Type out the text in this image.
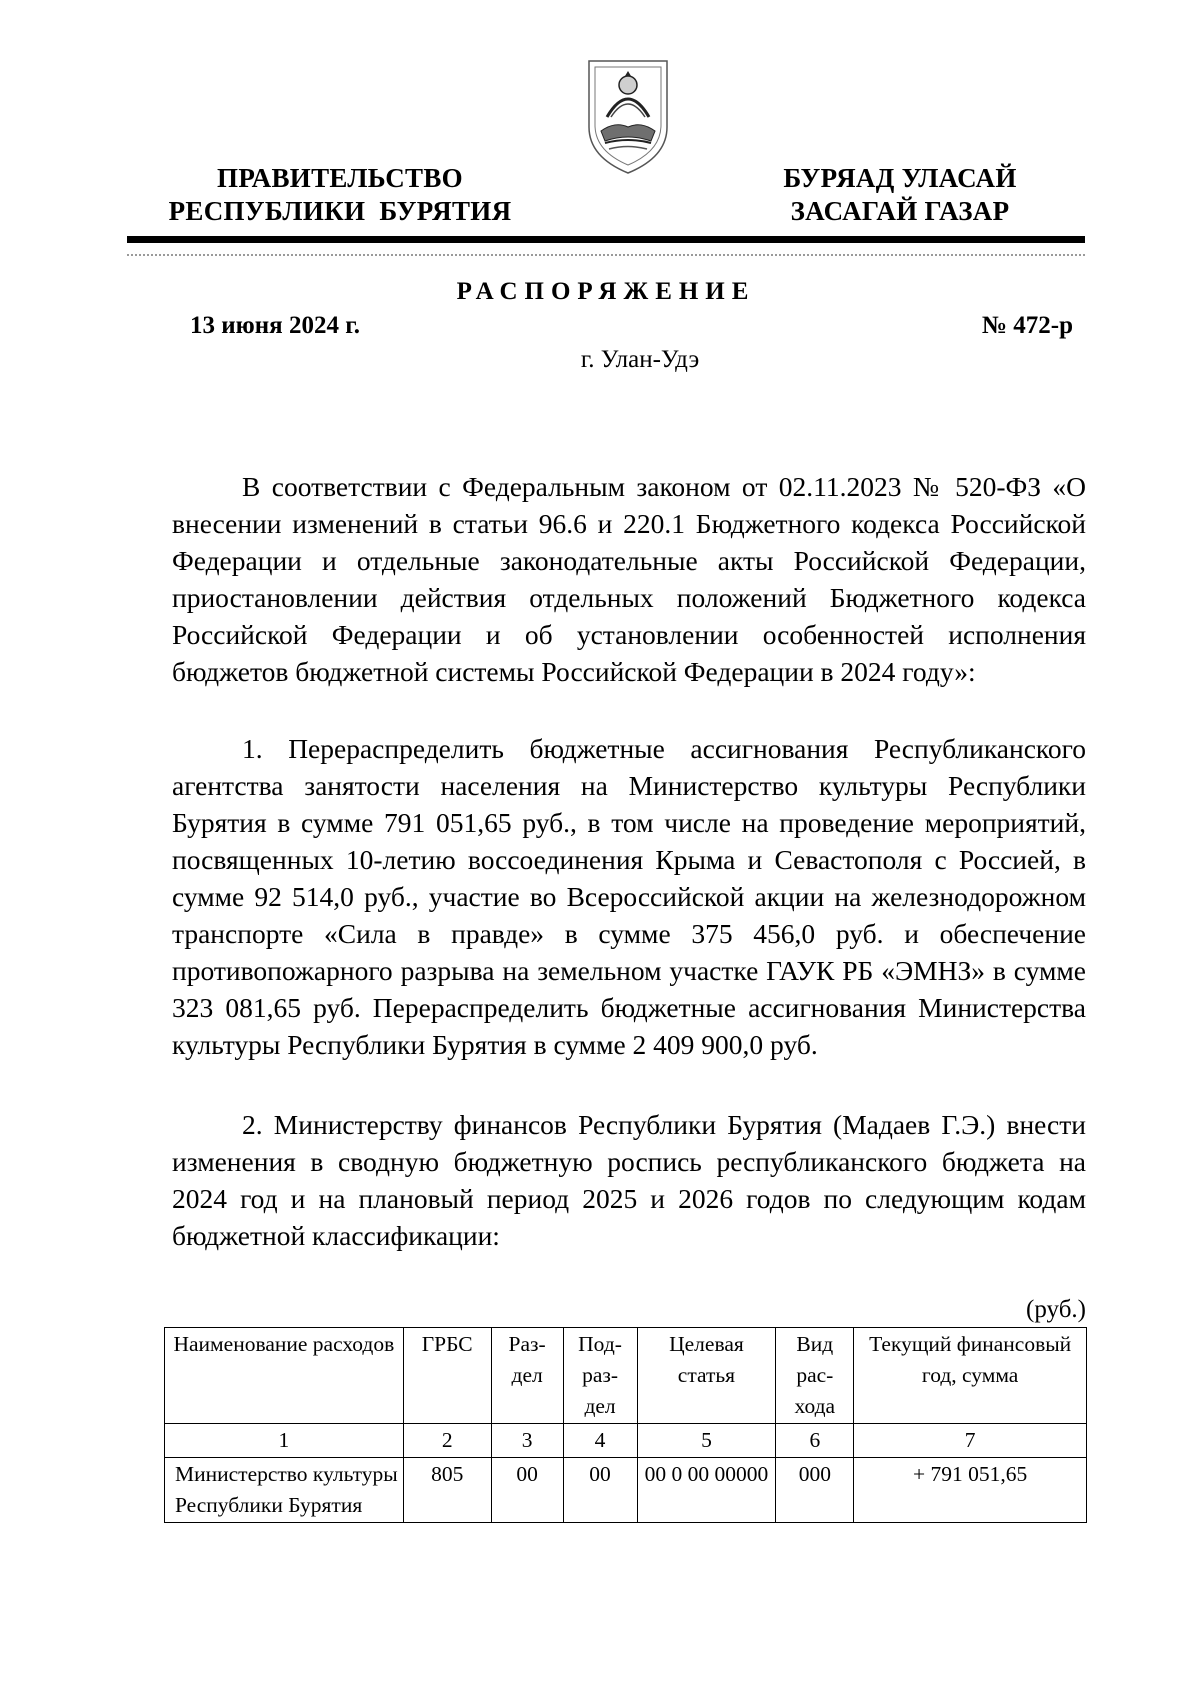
ПРАВИТЕЛЬСТВО
РЕСПУБЛИКИ  БУРЯТИЯ
БУРЯАД УЛАСАЙ
ЗАСАГАЙ ГАЗАР
РАСПОРЯЖЕНИЕ
13 июня 2024 г.	№ 472-р
г. Улан-Удэ

В соответствии с Федеральным законом от 02.11.2023 № 520-ФЗ «О внесении изменений в статьи 96.6 и 220.1 Бюджетного кодекса Российской Федерации и отдельные законодательные акты Российской Федерации, приостановлении действия отдельных положений Бюджетного кодекса Российской Федерации и об установлении особенностей исполнения бюджетов бюджетной системы Российской Федерации в 2024 году»:

1. Перераспределить бюджетные ассигнования Республиканского агентства занятости населения на Министерство культуры Республики Бурятия в сумме 791 051,65 руб., в том числе на проведение мероприятий, посвященных 10-летию воссоединения Крыма и Севастополя с Россией, в сумме 92 514,0 руб., участие во Всероссийской акции на железнодорожном транспорте «Сила в правде» в сумме 375 456,0 руб. и обеспечение противопожарного разрыва на земельном участке ГАУК РБ «ЭМНЗ» в сумме 323 081,65 руб. Перераспределить бюджетные ассигнования Министерства культуры Республики Бурятия в сумме 2 409 900,0 руб.

2. Министерству финансов Республики Бурятия (Мадаев Г.Э.) внести изменения в сводную бюджетную роспись республиканского бюджета на 2024 год и на плановый период 2025 и 2026 годов по следующим кодам бюджетной классификации:

(руб.)
Наименование расходов	ГРБС	Раз-дел	Под-раз-дел	Целевая статья	Вид рас-хода	Текущий финансовый год, сумма
1	2	3	4	5	6	7
Министерство культуры Республики Бурятия	805	00	00	00 0 00 00000	000	+ 791 051,65
